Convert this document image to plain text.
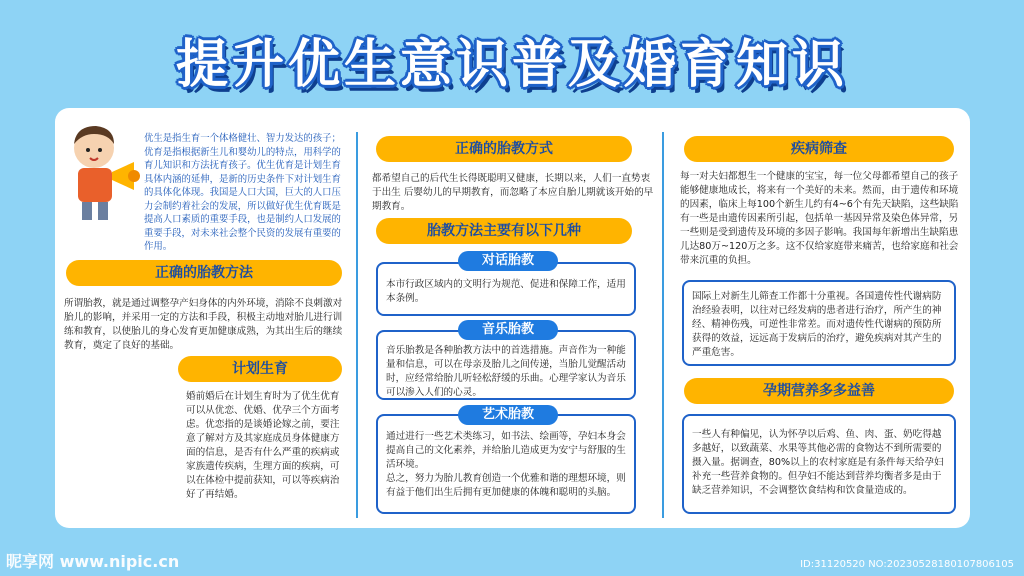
提升优生意识普及婚育知识
优生是指生育一个体格健壮、智力发达的孩子；优育是指根据新生儿和婴幼儿的特点，用科学的育儿知识和方法抚育孩子。优生优育是计划生育具体内涵的延伸，是新的历史条件下对计划生育的具体化体现。我国是人口大国，巨大的人口压力会制约着社会的发展，所以做好优生优育既是提高人口素质的重要手段，也是制约人口发展的重要手段，对未来社会整个民资的发展有重要的作用。
正确的胎教方法
所谓胎教，就是通过调整孕产妇身体的内外环境，消除不良刺激对胎儿的影响，并采用一定的方法和手段，积极主动地对胎儿进行训练和教育，以使胎儿的身心发育更加健康成熟，为其出生后的继续教育，奠定了良好的基础。
计划生育
婚前婚后在计划生育时为了优生优育可以从优恋、优婚、优孕三个方面考虑。优恋指的是谈婚论嫁之前，要注意了解对方及其家庭成员身体健康方面的信息，是否有什么严重的疾病或家族遗传疾病，生理方面的疾病，可以在体检中提前获知，可以等疾病治好了再结婚。
正确的胎教方式
都希望自己的后代生长得既聪明又健康，长期以来，人们一直势衷于出生 后婴幼儿的早期教育，而忽略了本应自胎儿期就该开始的早期教育。
胎教方法主要有以下几种
本市行政区域内的文明行为规范、促进和保障工作，适用本条例。
对话胎教
音乐胎教是各种胎教方法中的首选措施。声音作为一种能量和信息，可以在母亲及胎儿之间传递，当胎儿觉醒活动时，应经常给胎儿听轻松舒缓的乐曲。心理学家认为音乐可以渗入人们的心灵。
音乐胎教
通过进行一些艺术类练习，如书法、绘画等，孕妇本身会提高自己的文化素养，并给胎儿造成更为安宁与舒服的生活环境。
总之，努力为胎儿教育创造一个优雅和谐的理想环境，则有益于他们出生后拥有更加健康的体魄和聪明的头脑。
艺术胎教
疾病筛查
每一对夫妇都想生一个健康的宝宝，每一位父母都希望自己的孩子能够健康地成长，将来有一个美好的未来。然而，由于遗传和环境的因素，临床上每100个新生儿约有4~6个有先天缺陷，这些缺陷有一些是由遗传因素所引起，包括单一基因异常及染色体异常，另一些则是受到遗传及环境的多因子影响。我国每年新增出生缺陷患儿达80万~120万之多。这不仅给家庭带来痛苦，也给家庭和社会带来沉重的负担。
国际上对新生儿筛查工作都十分重视。各国遗传性代谢病防治经验表明，以往对已经发病的患者进行治疗，所产生的神经、精神伤残，可逆性非常差。而对遗传性代谢病的预防所获得的效益，远远高于发病后的治疗，避免疾病对其产生的严重危害。
孕期营养多多益善
一些人有种偏见，认为怀孕以后鸡、鱼、肉、蛋、奶吃得越多越好，以致蔬菜、水果等其他必需的食物达不到所需要的摄入量。据调查，80%以上的农村家庭是有条件每天给孕妇补充一些营养食物的。但孕妇不能达到营养均衡者多是由于缺乏营养知识，不会调整饮食结构和饮食量造成的。
昵享网 www.nipic.cn	ID:31120520 NO:20230528180107806105
